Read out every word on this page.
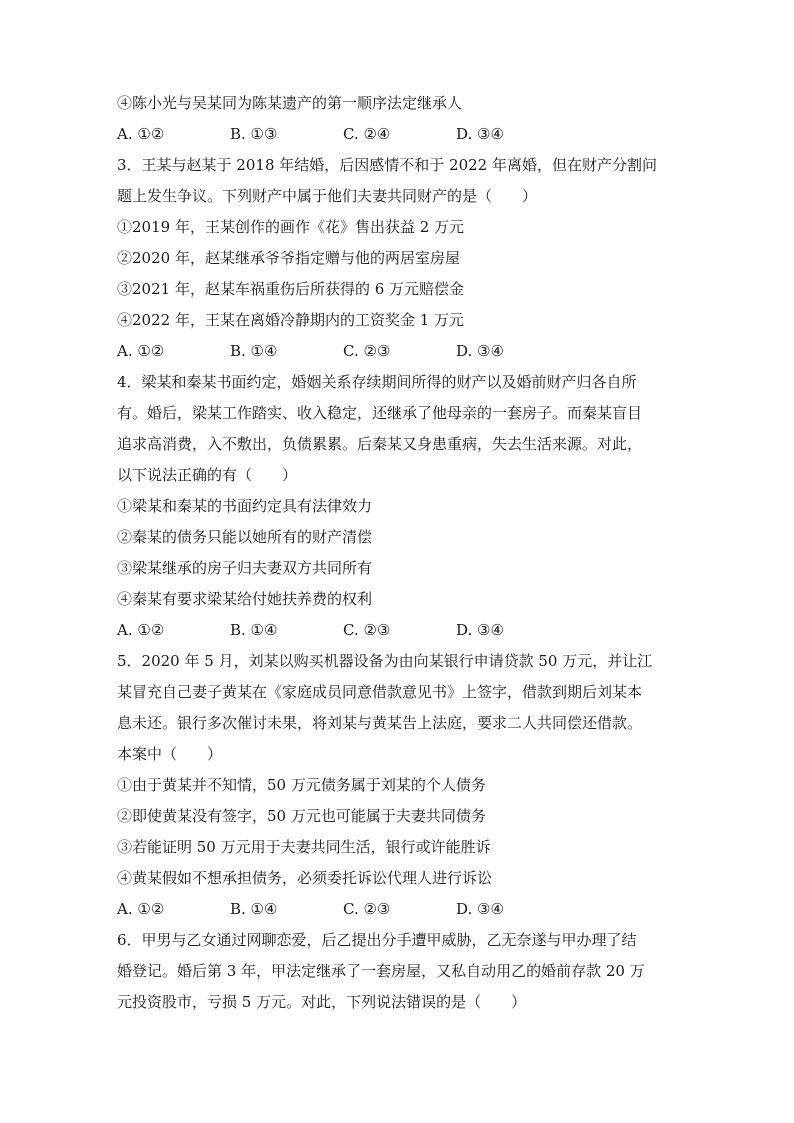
④陈小光与吴某同为陈某遗产的第一顺序法定继承人
A. ①②	B. ①③	C. ②④	D. ③④
3．王某与赵某于 2018 年结婚，后因感情不和于 2022 年离婚，但在财产分割问
题上发生争议。下列财产中属于他们夫妻共同财产的是（　　）
①2019 年，王某创作的画作《花》售出获益 2 万元
②2020 年，赵某继承爷爷指定赠与他的两居室房屋
③2021 年，赵某车祸重伤后所获得的 6 万元赔偿金
④2022 年，王某在离婚冷静期内的工资奖金 1 万元
A. ①②	B. ①④	C. ②③	D. ③④
4．梁某和秦某书面约定，婚姻关系存续期间所得的财产以及婚前财产归各自所
有。婚后，梁某工作踏实、收入稳定，还继承了他母亲的一套房子。而秦某盲目
追求高消费，入不敷出，负债累累。后秦某又身患重病，失去生活来源。对此，
以下说法正确的有（　　）
①梁某和秦某的书面约定具有法律效力
②秦某的债务只能以她所有的财产清偿
③梁某继承的房子归夫妻双方共同所有
④秦某有要求梁某给付她扶养费的权利
A. ①②	B. ①④	C. ②③	D. ③④
5．2020 年 5 月，刘某以购买机器设备为由向某银行申请贷款 50 万元，并让江
某冒充自己妻子黄某在《家庭成员同意借款意见书》上签字，借款到期后刘某本
息未还。银行多次催讨未果，将刘某与黄某告上法庭，要求二人共同偿还借款。
本案中（　　）
①由于黄某并不知情，50 万元债务属于刘某的个人债务
②即使黄某没有签字，50 万元也可能属于夫妻共同债务
③若能证明 50 万元用于夫妻共同生活，银行或许能胜诉
④黄某假如不想承担债务，必须委托诉讼代理人进行诉讼
A. ①②	B. ①④	C. ②③	D. ③④
6．甲男与乙女通过网聊恋爱，后乙提出分手遭甲威胁，乙无奈遂与甲办理了结
婚登记。婚后第 3 年，甲法定继承了一套房屋，又私自动用乙的婚前存款 20 万
元投资股市，亏损 5 万元。对此，下列说法错误的是（　　）
